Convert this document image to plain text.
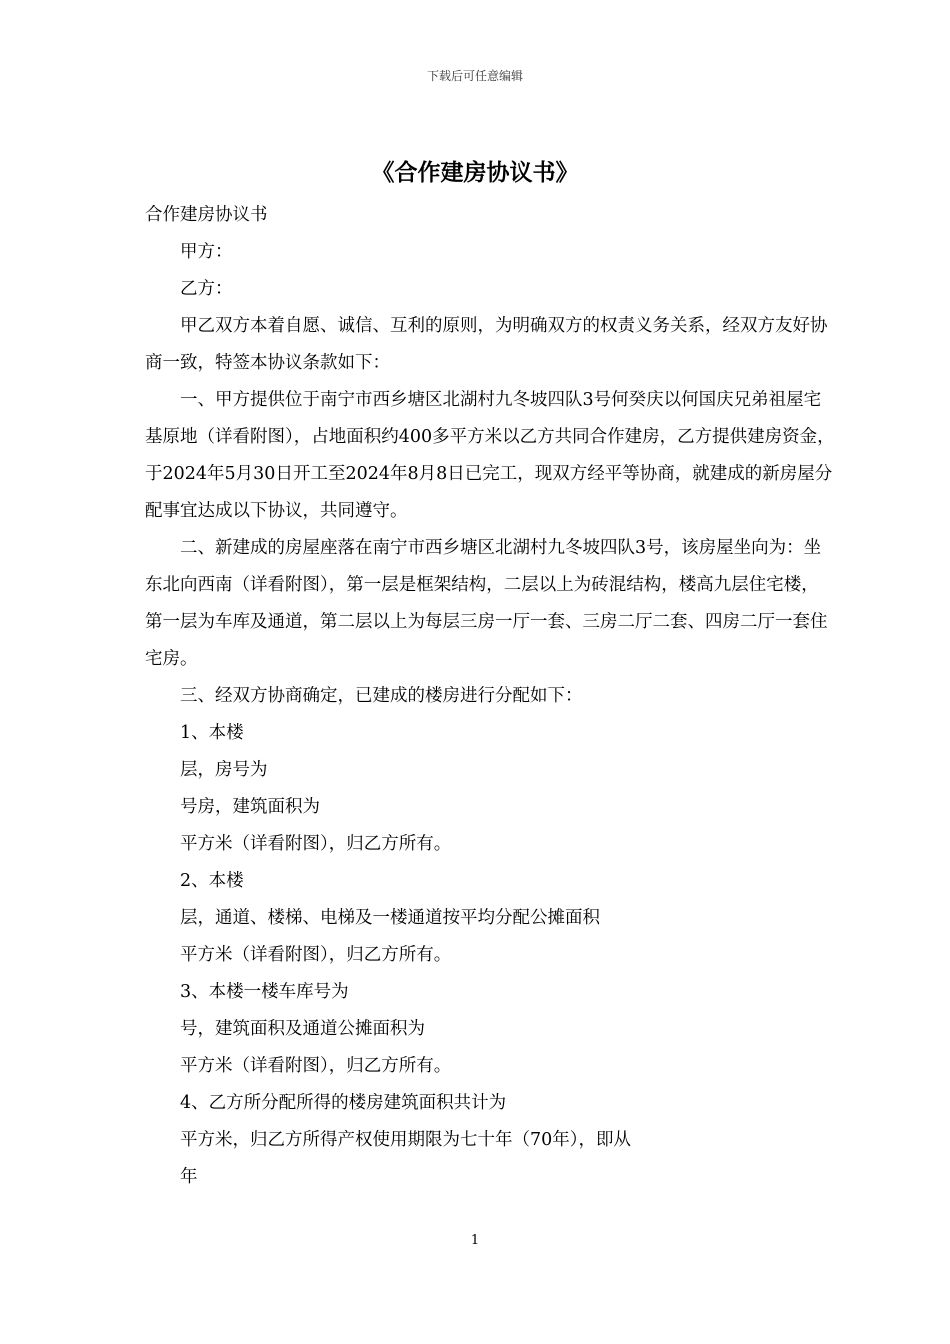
下载后可任意编辑
《合作建房协议书》

合作建房协议书

甲方：

乙方：

甲乙双方本着自愿、诚信、互利的原则，为明确双方的权责义务关系，经双方友好协商一致，特签本协议条款如下：

一、甲方提供位于南宁市西乡塘区北湖村九冬坡四队3号何癸庆以何国庆兄弟祖屋宅基原地（详看附图），占地面积约400多平方米以乙方共同合作建房，乙方提供建房资金，于2024年5月30日开工至2024年8月8日已完工，现双方经平等协商，就建成的新房屋分配事宜达成以下协议，共同遵守。

二、新建成的房屋座落在南宁市西乡塘区北湖村九冬坡四队3号，该房屋坐向为：坐东北向西南（详看附图），第一层是框架结构，二层以上为砖混结构，楼高九层住宅楼，第一层为车库及通道，第二层以上为每层三房一厅一套、三房二厅二套、四房二厅一套住宅房。

三、经双方协商确定，已建成的楼房进行分配如下：

1、本楼

层，房号为

号房，建筑面积为

平方米（详看附图），归乙方所有。

2、本楼

层，通道、楼梯、电梯及一楼通道按平均分配公摊面积

平方米（详看附图），归乙方所有。

3、本楼一楼车库号为

号，建筑面积及通道公摊面积为

平方米（详看附图），归乙方所有。

4、乙方所分配所得的楼房建筑面积共计为

平方米，归乙方所得产权使用期限为七十年（70年），即从

年

1
